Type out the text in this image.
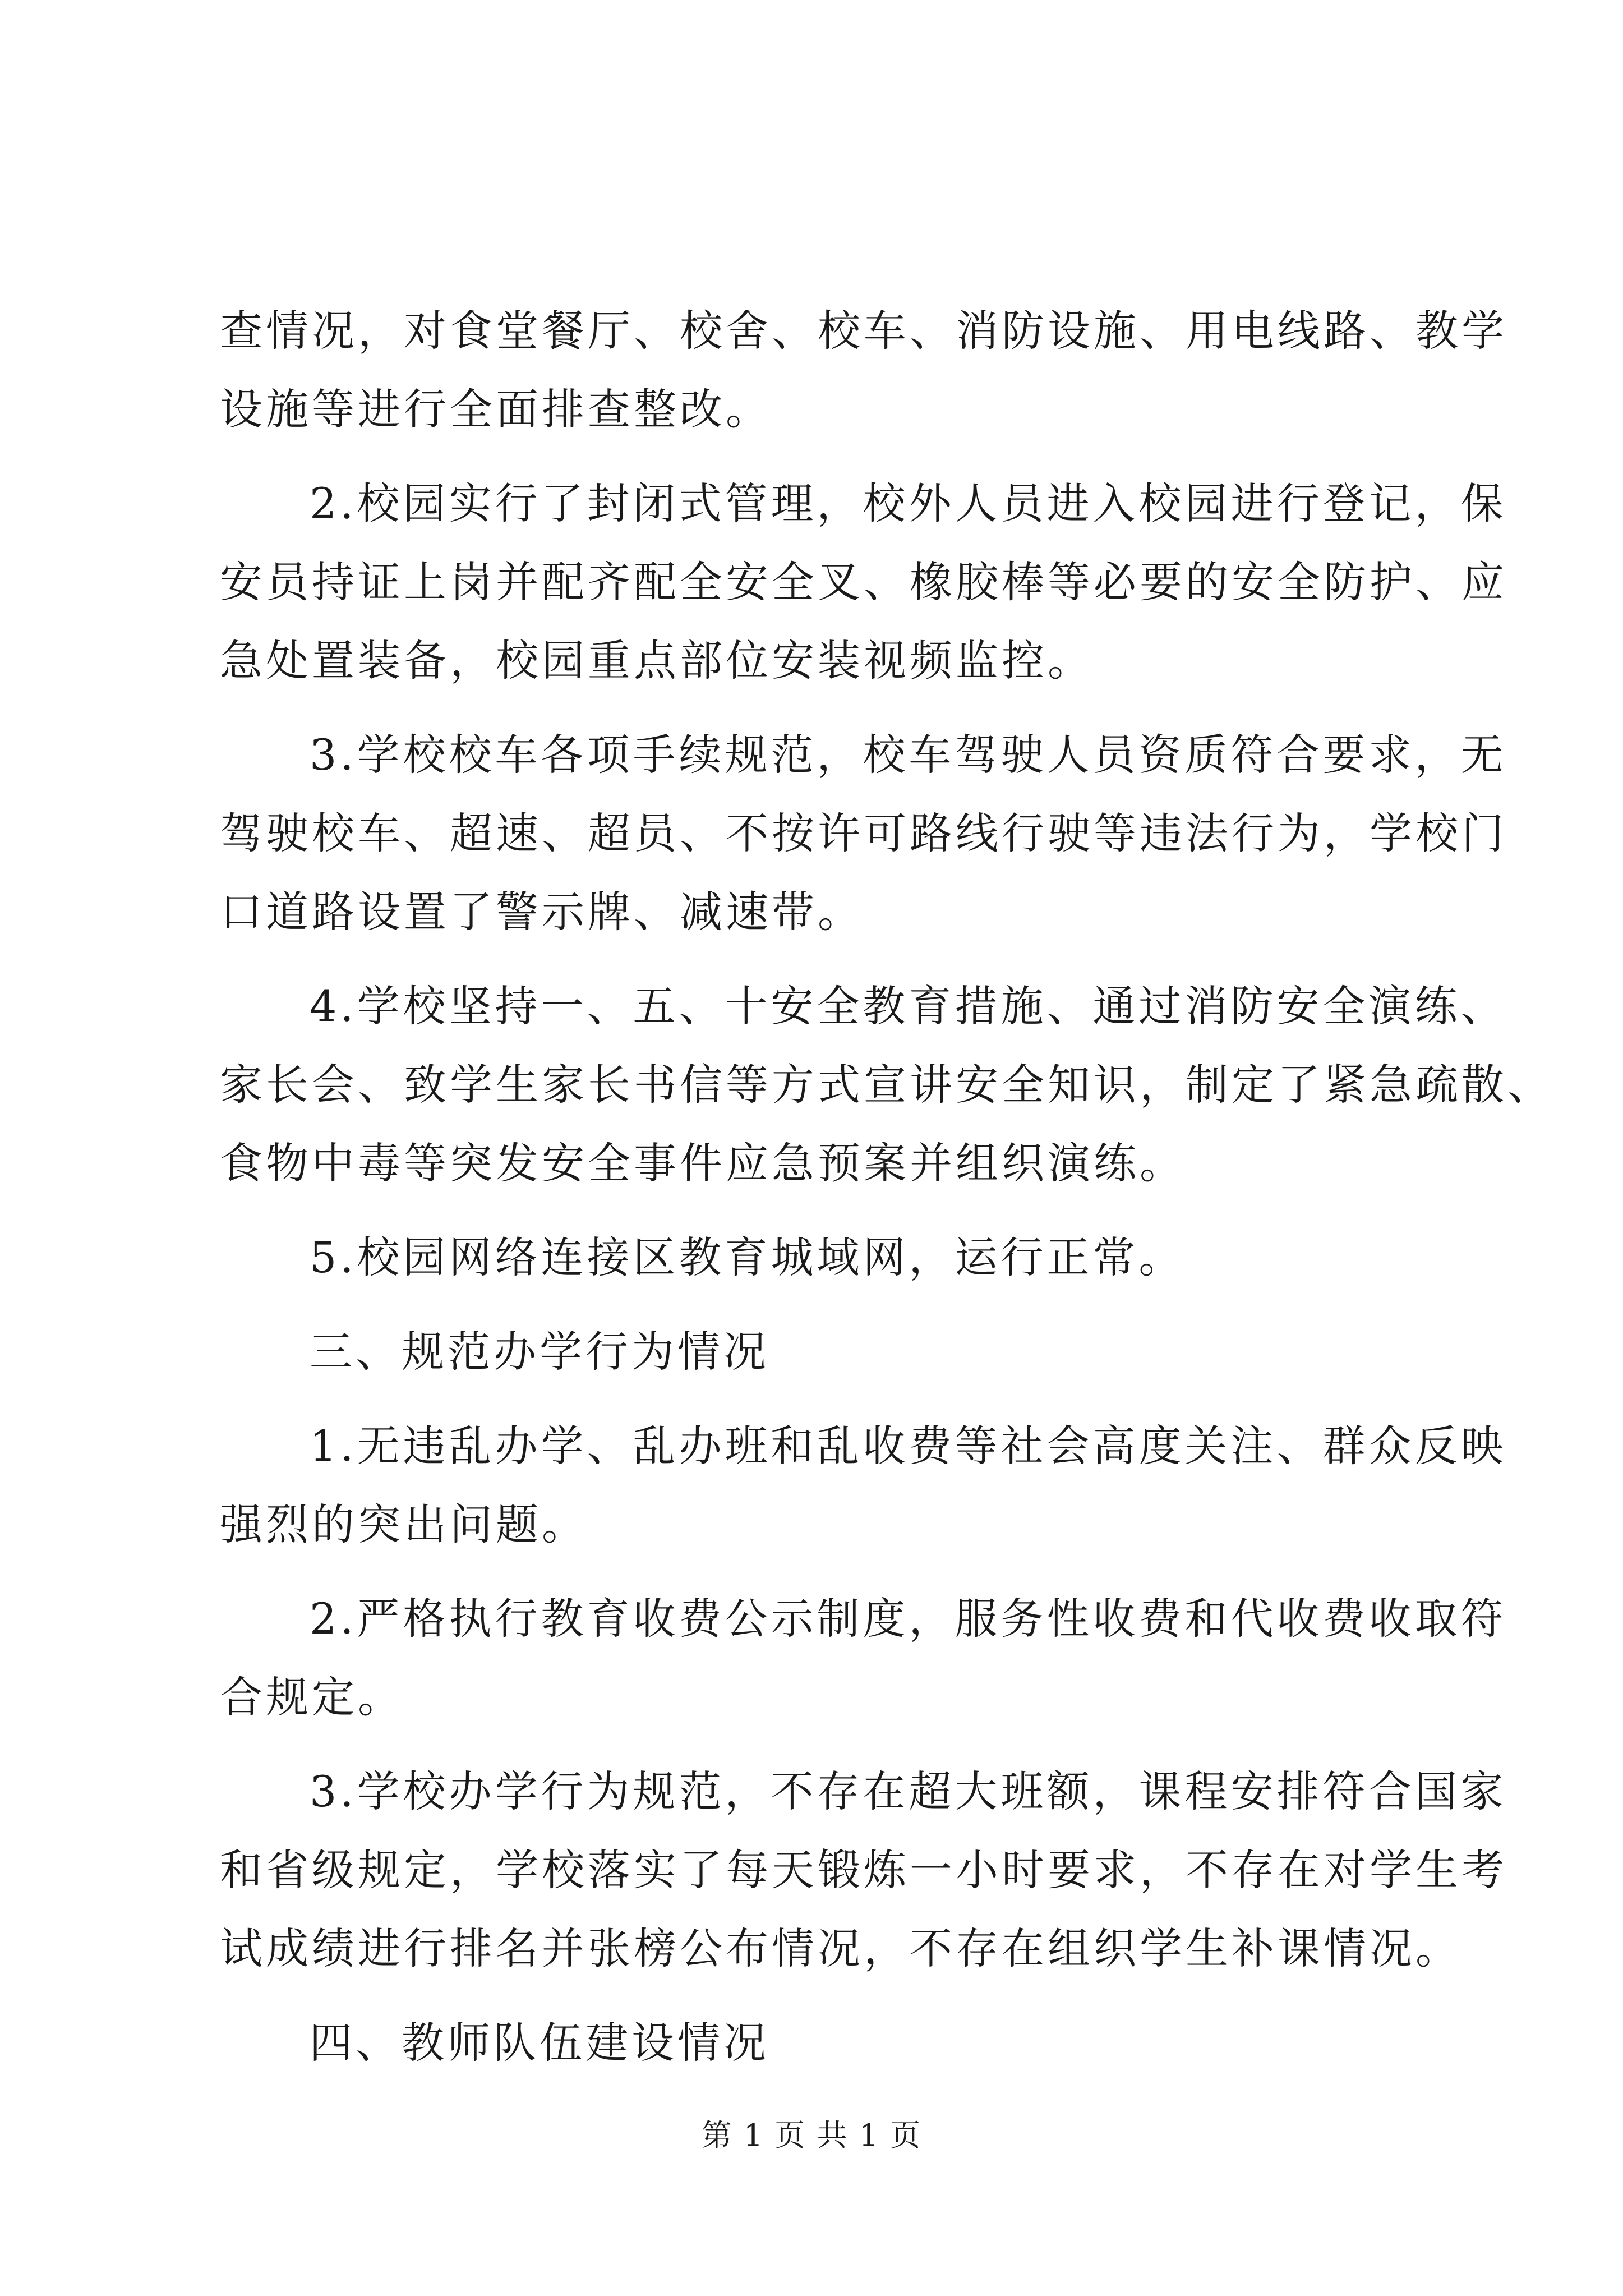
查情况，对食堂餐厅、校舍、校车、消防设施、用电线路、教学
设施等进行全面排查整改。
2.校园实行了封闭式管理，校外人员进入校园进行登记，保
安员持证上岗并配齐配全安全叉、橡胶棒等必要的安全防护、应
急处置装备，校园重点部位安装视频监控。
3.学校校车各项手续规范，校车驾驶人员资质符合要求，无
驾驶校车、超速、超员、不按许可路线行驶等违法行为，学校门
口道路设置了警示牌、减速带。
4.学校坚持一、五、十安全教育措施、通过消防安全演练、
家长会、致学生家长书信等方式宣讲安全知识，制定了紧急疏散、
食物中毒等突发安全事件应急预案并组织演练。
5.校园网络连接区教育城域网，运行正常。
三、规范办学行为情况
1.无违乱办学、乱办班和乱收费等社会高度关注、群众反映
强烈的突出问题。
2.严格执行教育收费公示制度，服务性收费和代收费收取符
合规定。
3.学校办学行为规范，不存在超大班额，课程安排符合国家
和省级规定，学校落实了每天锻炼一小时要求，不存在对学生考
试成绩进行排名并张榜公布情况，不存在组织学生补课情况。
四、教师队伍建设情况
第 1 页 共 1 页
